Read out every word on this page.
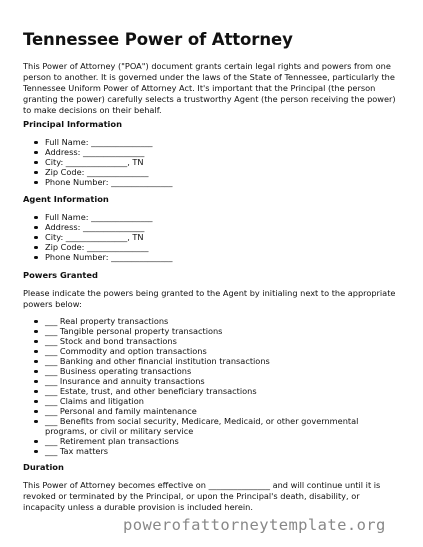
Tennessee Power of Attorney
This Power of Attorney ("POA") document grants certain legal rights and powers from one
person to another. It is governed under the laws of the State of Tennessee, particularly the
Tennessee Uniform Power of Attorney Act. It's important that the Principal (the person
granting the power) carefully selects a trustworthy Agent (the person receiving the power)
to make decisions on their behalf.
Principal Information
Full Name: _______________
Address: _______________
City: _______________, TN
Zip Code: _______________
Phone Number: _______________
Agent Information
Full Name: _______________
Address: _______________
City: _______________, TN
Zip Code: _______________
Phone Number: _______________
Powers Granted
Please indicate the powers being granted to the Agent by initialing next to the appropriate
powers below:
___ Real property transactions
___ Tangible personal property transactions
___ Stock and bond transactions
___ Commodity and option transactions
___ Banking and other financial institution transactions
___ Business operating transactions
___ Insurance and annuity transactions
___ Estate, trust, and other beneficiary transactions
___ Claims and litigation
___ Personal and family maintenance
___ Benefits from social security, Medicare, Medicaid, or other governmental
programs, or civil or military service
___ Retirement plan transactions
___ Tax matters
Duration
This Power of Attorney becomes effective on _______________ and will continue until it is
revoked or terminated by the Principal, or upon the Principal's death, disability, or
incapacity unless a durable provision is included herein.
powerofattorneytemplate.org
